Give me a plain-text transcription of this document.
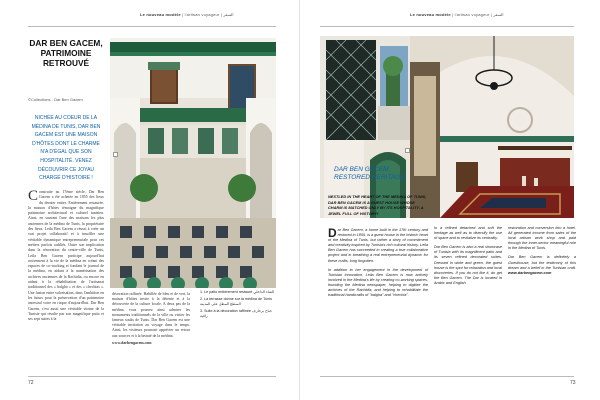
Le nouveau modèle | l'artisan voyageur | السفر
DAR BEN GACEM, PATRIMOINE RETROUVÉ
©Collections - Dar Ben Gacem
NICHÉE AU COEUR DE LA MÉDINA DE TUNIS, DAR BEN GACEM EST UNE MAISON D'HÔTES DONT LE CHARME N'A D'ÉGAL QUE SON HOSPITALITÉ. VENEZ DÉCOUVRIR CE JOYAU CHARGÉ D'HISTOIRE !
Construite au 17ème siècle, Dar Ben Gacem a été achetée en 1855 des lieux du dernier entier. Entièrement restaurée, la maison d'hôtes témoigne du magnifique patrimoine architectural et culturel tunisien. Ainsi, en sauvant l'une des maisons les plus anciennes de la médina de Tunis, la propriétaire des lieux, Leila Ben Gacem a réussi à créer un vrai projet collaboratif et à insuffler une véritable dynamique entrepreneuriale pour ces métiers parfois oubliés. Outre son implication dans la rénovation du centre-ville de Tunis, Leila Ben Gacem participe aujourd'hui activement à la vie de la médina en créant des espaces de co-working et fondant le journal de la médina, en aidant à la numérisation des archives anciennes de la Rachidia, ou encore en aidant à la réhabilitation de l'artisanat traditionnel des « balgha » et des « chechias ». Une fusion entre valorisation, dans l'ambition en les futurs pour la préservation d'un patrimoine ancestral voire en risque d'aujourd'hui. Dar Ben Gacem, c'est aussi une véritable vitrine de la Tunisie qui résulte par son magnifique patio et ses sept suites à la
décoration raffinée. Habillée de bleu et de vert, la maison d'hôtes invite à la détente et à la découverte de la culture locale. A deux pas de la médina, vous pourrez ainsi admirer les monuments traditionnels de la ville ou visiter les fameux souks de Tunis. Dar Ben Gacem est une véritable invitation au voyage dans le temps. Ainsi, les visiteurs pourront apprécier un retour aux sources et à la beauté de la médina.
www.darbengacem.com
1. Le patio entièrement restauré الفناء الداخلي
2. La terrasse donne sur la médina de Tunis السطح المطل على المدينة
3. Suite à la décoration raffinée جناح بزخارف راقية
72
Le nouveau modèle | l'artisan voyageur | السفر
DAR BEN GACEM, RESTORED HERITAGE
NESTLED IN THE HEART OF THE MEDINA OF TUNIS, DAR BEN GACEM IS A GUEST HOUSE WHOSE CHARM IS MATCHED ONLY BY ITS HOSPITALITY. A JEWEL FULL OF HISTORY!

Dar Ben Gacem, a home built in the 17th century and restored in 1855, is a guest house in the historic heart of the Medina of Tunis, but rather a story of commitment and creativity inspired by Tunisia's rich cultural history. Leila Ben Gacem has succeeded in creating a true collaborative project and in breathing a real entrepreneurial dynamic for these crafts, long forgotten.

In addition to her engagement in the development of Tunisian innovation, Leila Ben Gacem is now actively involved in the Medina's life by creating co-working spaces, founding the Medina newspaper, helping to digitize the archives of the Rachidia, and helping to rehabilitate the traditional handicrafts of "balgha" and "chechia".

In a refined detached and soft the heritage as well as to diversify the use of space and to revitalize its centrality.

Dar Ben Gacem is also a real showcase of Tunisia with its magnificent patio and its seven refined decorated suites. Dressed in white and green, the guest house is the spot for relaxation and local discoveries. If you do not like it, do get the Ben Gacem. The Dar is located in Arabic and English.

restoration and conversion into a hotel. All generated income from sales of the local artisan work shop and paid through the inner-sector meaningful role in the Medina of Tunis.

Dar Ben Gacem is definitely a Guesthouse, but the testimony of this dream and a belief in the Tunisian craft. www.darbengacem.com

73
